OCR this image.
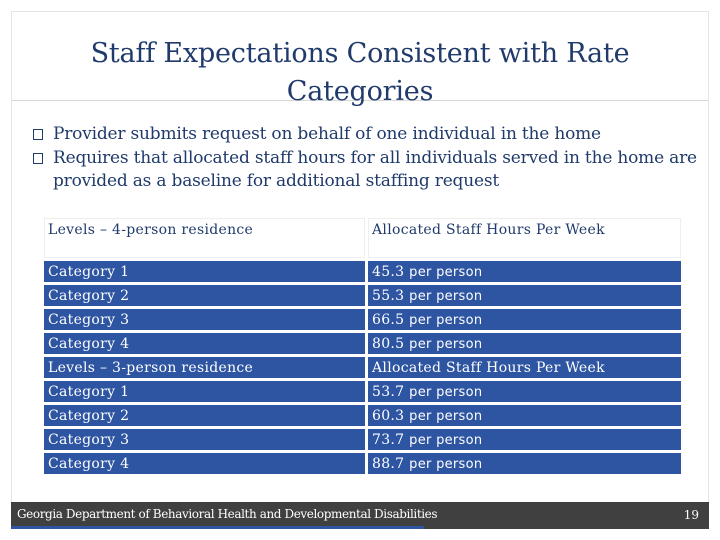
Staff Expectations Consistent with Rate Categories
Provider submits request on behalf of one individual in the home
Requires that allocated staff hours for all individuals served in the home are provided as a baseline for additional staffing request
Levels – 4-person residence	Allocated Staff Hours Per Week
Category 1	45.3 per person
Category 2	55.3 per person
Category 3	66.5 per person
Category 4	80.5 per person
Levels – 3-person residence	Allocated Staff Hours Per Week
Category 1	53.7 per person
Category 2	60.3 per person
Category 3	73.7 per person
Category 4	88.7 per person
Georgia Department of Behavioral Health and Developmental Disabilities	19
